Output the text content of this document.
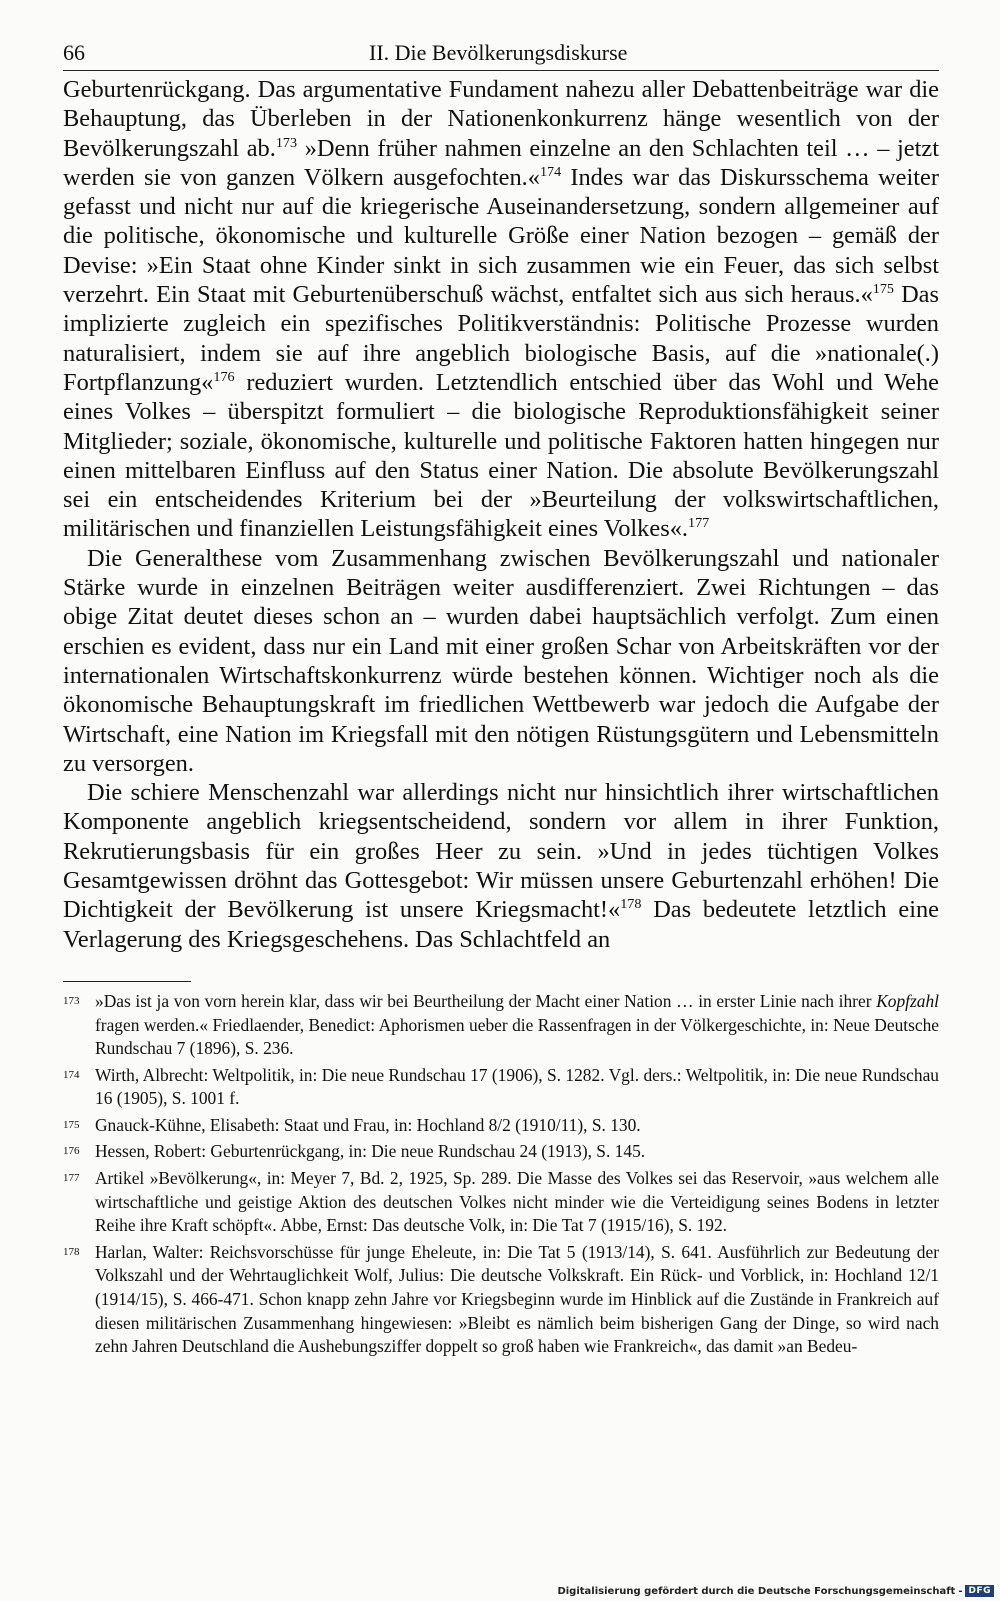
66	II. Die Bevölkerungsdiskurse

Geburtenrückgang. Das argumentative Fundament nahezu aller Debattenbeiträge war die Behauptung, das Überleben in der Nationenkonkurrenz hänge wesentlich von der Bevölkerungszahl ab.$^{173}$ »Denn früher nahmen einzelne an den Schlachten teil … – jetzt werden sie von ganzen Völkern ausgefochten.«$^{174}$ Indes war das Diskursschema weiter gefasst und nicht nur auf die kriegerische Auseinandersetzung, sondern allgemeiner auf die politische, ökonomische und kulturelle Größe einer Nation bezogen – gemäß der Devise: »Ein Staat ohne Kinder sinkt in sich zusammen wie ein Feuer, das sich selbst verzehrt. Ein Staat mit Geburtenüberschuß wächst, entfaltet sich aus sich heraus.«$^{175}$ Das implizierte zugleich ein spezifisches Politikverständnis: Politische Prozesse wurden naturalisiert, indem sie auf ihre angeblich biologische Basis, auf die »nationale(.) Fortpflanzung«$^{176}$ reduziert wurden. Letztendlich entschied über das Wohl und Wehe eines Volkes – überspitzt formuliert – die biologische Reproduktionsfähigkeit seiner Mitglieder; soziale, ökonomische, kulturelle und politische Faktoren hatten hingegen nur einen mittelbaren Einfluss auf den Status einer Nation. Die absolute Bevölkerungszahl sei ein entscheidendes Kriterium bei der »Beurteilung der volkswirtschaftlichen, militärischen und finanziellen Leistungsfähigkeit eines Volkes«.$^{177}$

Die Generalthese vom Zusammenhang zwischen Bevölkerungszahl und nationaler Stärke wurde in einzelnen Beiträgen weiter ausdifferenziert. Zwei Richtungen – das obige Zitat deutet dieses schon an – wurden dabei hauptsächlich verfolgt. Zum einen erschien es evident, dass nur ein Land mit einer großen Schar von Arbeitskräften vor der internationalen Wirtschaftskonkurrenz würde bestehen können. Wichtiger noch als die ökonomische Behauptungskraft im friedlichen Wettbewerb war jedoch die Aufgabe der Wirtschaft, eine Nation im Kriegsfall mit den nötigen Rüstungsgütern und Lebensmitteln zu versorgen.

Die schiere Menschenzahl war allerdings nicht nur hinsichtlich ihrer wirtschaftlichen Komponente angeblich kriegsentscheidend, sondern vor allem in ihrer Funktion, Rekrutierungsbasis für ein großes Heer zu sein. »Und in jedes tüchtigen Volkes Gesamtgewissen dröhnt das Gottesgebot: Wir müssen unsere Geburtenzahl erhöhen! Die Dichtigkeit der Bevölkerung ist unsere Kriegsmacht!«$^{178}$ Das bedeutete letztlich eine Verlagerung des Kriegsgeschehens. Das Schlachtfeld an

173 »Das ist ja von vorn herein klar, dass wir bei Beurtheilung der Macht einer Nation … in erster Linie nach ihrer Kopfzahl fragen werden.« Friedlaender, Benedict: Aphorismen ueber die Rassenfragen in der Völkergeschichte, in: Neue Deutsche Rundschau 7 (1896), S. 236.
174 Wirth, Albrecht: Weltpolitik, in: Die neue Rundschau 17 (1906), S. 1282. Vgl. ders.: Weltpolitik, in: Die neue Rundschau 16 (1905), S. 1001 f.
175 Gnauck-Kühne, Elisabeth: Staat und Frau, in: Hochland 8/2 (1910/11), S. 130.
176 Hessen, Robert: Geburtenrückgang, in: Die neue Rundschau 24 (1913), S. 145.
177 Artikel »Bevölkerung«, in: Meyer 7, Bd. 2, 1925, Sp. 289. Die Masse des Volkes sei das Reservoir, »aus welchem alle wirtschaftliche und geistige Aktion des deutschen Volkes nicht minder wie die Verteidigung seines Bodens in letzter Reihe ihre Kraft schöpft«. Abbe, Ernst: Das deutsche Volk, in: Die Tat 7 (1915/16), S. 192.
178 Harlan, Walter: Reichsvorschüsse für junge Eheleute, in: Die Tat 5 (1913/14), S. 641. Ausführlich zur Bedeutung der Volkszahl und der Wehrtauglichkeit Wolf, Julius: Die deutsche Volkskraft. Ein Rück- und Vorblick, in: Hochland 12/1 (1914/15), S. 466-471. Schon knapp zehn Jahre vor Kriegsbeginn wurde im Hinblick auf die Zustände in Frankreich auf diesen militärischen Zusammenhang hingewiesen: »Bleibt es nämlich beim bisherigen Gang der Dinge, so wird nach zehn Jahren Deutschland die Aushebungsziffer doppelt so groß haben wie Frankreich«, das damit »an Bedeu-
Digitalisierung gefördert durch die Deutsche Forschungsgemeinschaft - DFG
